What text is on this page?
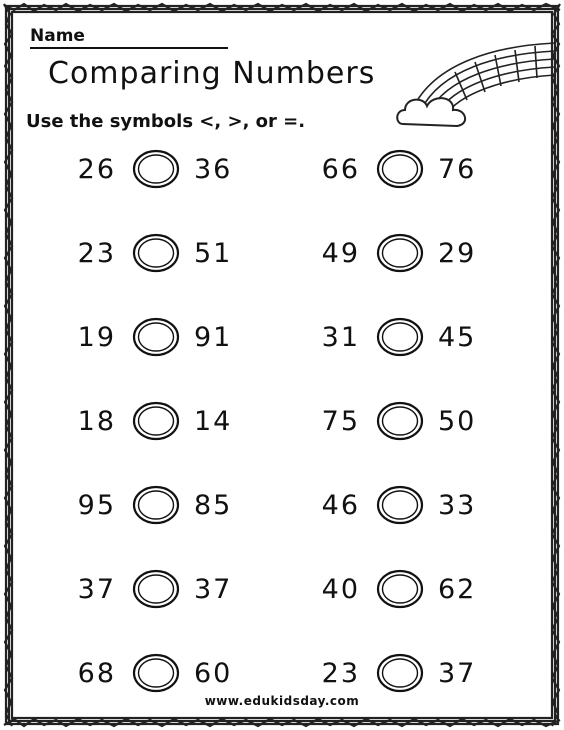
Name
Comparing Numbers
Use the symbols <, >, or =.
26	36
23	51
19	91
18	14
95	85
37	37
68	60
66	76
49	29
31	45
75	50
46	33
40	62
23	37
www.edukidsday.com
